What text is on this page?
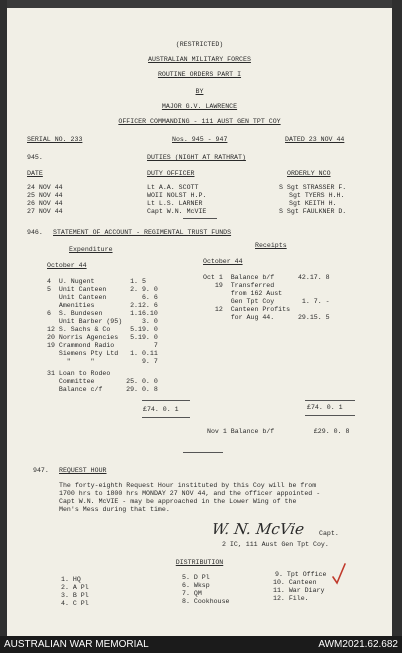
(RESTRICTED)
AUSTRALIAN MILITARY FORCES
ROUTINE ORDERS PART I
BY
MAJOR G.V. LAWRENCE
OFFICER COMMANDING - 111 AUST GEN TPT COY
SERIAL NO. 233	Nos. 945 - 947	DATED 23 NOV 44
945.	DUTIES (NIGHT AT RATHRAT)
DATE	DUTY OFFICER	ORDERLY NCO
24 NOV 44	Lt A.A. SCOTT	S Sgt STRASSER F.
25 NOV 44	WOII NOLST H.P.	Sgt TYERS H.H.
26 NOV 44	Lt L.S. LARNER	Sgt KEITH H.
27 NOV 44	Capt W.N. McVIE	S Sgt FAULKNER D.
946. STATEMENT OF ACCOUNT - REGIMENTAL TRUST FUNDS
Expenditure
Receipts
October 44
October 44
4  U. Nugent         1. 5
5  Unit Canteen      2. 9. 0
Unit Canteen         6. 6
Amenities         2.12. 6
6  S. Bundesen       1.16.10
Unit Barber (95)     3. 0
12 S. Sachs & Co     5.19. 0
20 Norris Agencies   5.19. 0
19 Crammond Radio          7
Siemens Pty Ltd   1. 0.11
"     "            9. 7
31 Loan to Rodeo
Committee        25. 0. 0
Balance c/f      29. 0. 8
£74. 0. 1
Oct 1  Balance b/f      42.17. 8
19  Transferred
from 162 Aust
Gen Tpt Coy       1. 7. -
12  Canteen Profits
for Aug 44.      29.15. 5
£74. 0. 1
Nov 1 Balance b/f          £29. 0. 8
947. REQUEST HOUR
The forty-eighth Request Hour instituted by this Coy will be from
1700 hrs to 1800 hrs MONDAY 27 NOV 44, and the officer appointed -
Capt W.N. McVIE - may be approached in the Lower Wing of the
Men's Mess during that time.
W. N. McVie Capt.
2 IC, 111 Aust Gen Tpt Coy.
DISTRIBUTION
1. HQ
2. A Pl
3. B Pl
4. C Pl
5. D Pl
6. Wksp
7. QM
8. Cookhouse
9. Tpt Office
10. Canteen
11. War Diary
12. File.
AUSTRALIAN WAR MEMORIAL	AWM2021.62.682
